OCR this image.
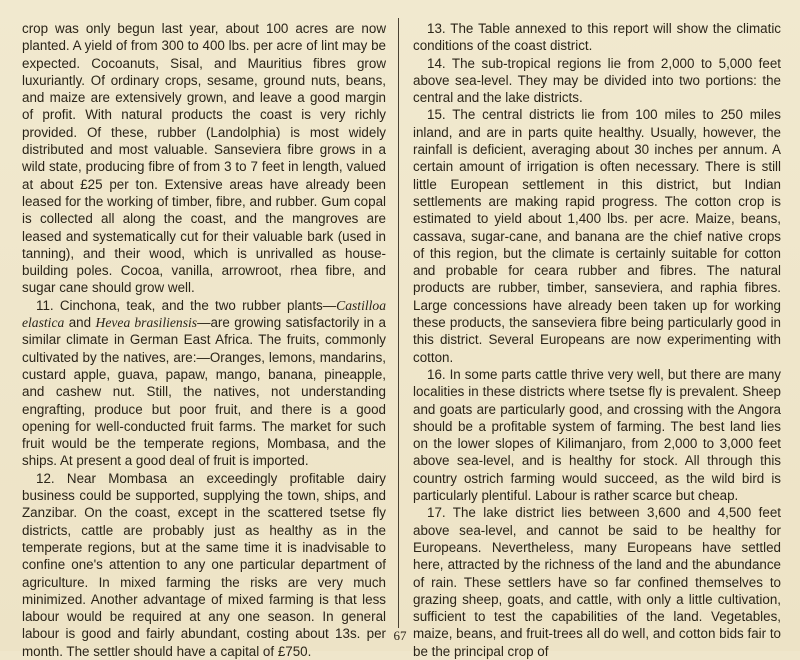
crop was only begun last year, about 100 acres are now planted. A yield of from 300 to 400 lbs. per acre of lint may be expected. Cocoanuts, Sisal, and Mauritius fibres grow luxuriantly. Of ordinary crops, sesame, ground nuts, beans, and maize are extensively grown, and leave a good margin of profit. With natural products the coast is very richly provided. Of these, rubber (Landolphia) is most widely distributed and most valuable. Sanseviera fibre grows in a wild state, producing fibre of from 3 to 7 feet in length, valued at about £25 per ton. Extensive areas have already been leased for the working of timber, fibre, and rubber. Gum copal is collected all along the coast, and the mangroves are leased and systematically cut for their valuable bark (used in tanning), and their wood, which is unrivalled as house-building poles. Cocoa, vanilla, arrowroot, rhea fibre, and sugar cane should grow well.

11. Cinchona, teak, and the two rubber plants—Castilloa elastica and Hevea brasiliensis—are growing satisfactorily in a similar climate in German East Africa. The fruits, commonly cultivated by the natives, are:—Oranges, lemons, mandarins, custard apple, guava, papaw, mango, banana, pineapple, and cashew nut. Still, the natives, not understanding engrafting, produce but poor fruit, and there is a good opening for well-conducted fruit farms. The market for such fruit would be the temperate regions, Mombasa, and the ships. At present a good deal of fruit is imported.

12. Near Mombasa an exceedingly profitable dairy business could be supported, supplying the town, ships, and Zanzibar. On the coast, except in the scattered tsetse fly districts, cattle are probably just as healthy as in the temperate regions, but at the same time it is inadvisable to confine one's attention to any one particular department of agriculture. In mixed farming the risks are very much minimized. Another advantage of mixed farming is that less labour would be required at any one season. In general labour is good and fairly abundant, costing about 13s. per month. The settler should have a capital of £750.

13. The Table annexed to this report will show the climatic conditions of the coast district.

14. The sub-tropical regions lie from 2,000 to 5,000 feet above sea-level. They may be divided into two portions: the central and the lake districts.

15. The central districts lie from 100 miles to 250 miles inland, and are in parts quite healthy. Usually, however, the rainfall is deficient, averaging about 30 inches per annum. A certain amount of irrigation is often necessary. There is still little European settlement in this district, but Indian settlements are making rapid progress. The cotton crop is estimated to yield about 1,400 lbs. per acre. Maize, beans, cassava, sugar-cane, and banana are the chief native crops of this region, but the climate is certainly suitable for cotton and probable for ceara rubber and fibres. The natural products are rubber, timber, sanseviera, and raphia fibres. Large concessions have already been taken up for working these products, the sanseviera fibre being particularly good in this district. Several Europeans are now experimenting with cotton.

16. In some parts cattle thrive very well, but there are many localities in these districts where tsetse fly is prevalent. Sheep and goats are particularly good, and crossing with the Angora should be a profitable system of farming. The best land lies on the lower slopes of Kilimanjaro, from 2,000 to 3,000 feet above sea-level, and is healthy for stock. All through this country ostrich farming would succeed, as the wild bird is particularly plentiful. Labour is rather scarce but cheap.

17. The lake district lies between 3,600 and 4,500 feet above sea-level, and cannot be said to be healthy for Europeans. Nevertheless, many Europeans have settled here, attracted by the richness of the land and the abundance of rain. These settlers have so far confined themselves to grazing sheep, goats, and cattle, with only a little cultivation, sufficient to test the capabilities of the land. Vegetables, maize, beans, and fruit-trees all do well, and cotton bids fair to be the principal crop of

67
